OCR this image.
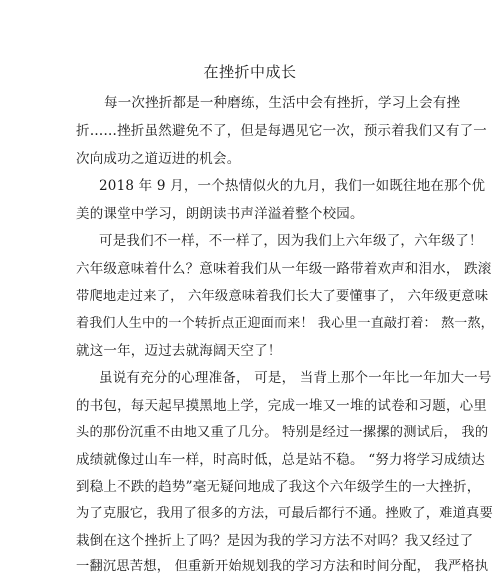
在挫折中成长
每一次挫折都是一种磨练，生活中会有挫折，学习上会有挫
折……挫折虽然避免不了，但是每遇见它一次，预示着我们又有了一
次向成功之道迈进的机会。
2018 年 9 月，一个热情似火的九月，我们一如既往地在那个优
美的课堂中学习，朗朗读书声洋溢着整个校园。
可是我们不一样，不一样了，因为我们上六年级了，六年级了！
六年级意味着什么？意味着我们从一年级一路带着欢声和泪水， 跌滚
带爬地走过来了， 六年级意味着我们长大了要懂事了， 六年级更意味
着我们人生中的一个转折点正迎面而来！ 我心里一直敲打着： 熬一熬，
就这一年，迈过去就海阔天空了！
虽说有充分的心理准备， 可是， 当背上那个一年比一年加大一号
的书包，每天起早摸黑地上学，完成一堆又一堆的试卷和习题，心里
头的那份沉重不由地又重了几分。 特别是经过一摞摞的测试后， 我的
成绩就像过山车一样，时高时低，总是站不稳。 “努力将学习成绩达
到稳上不跌的趋势”毫无疑问地成了我这个六年级学生的一大挫折，
为了克服它，我用了很多的方法，可最后都行不通。挫败了，难道真要
栽倒在这个挫折上了吗？是因为我的学习方法不对吗？我又经过了
一翻沉思苦想， 但重新开始规划我的学习方法和时间分配， 我严格执
